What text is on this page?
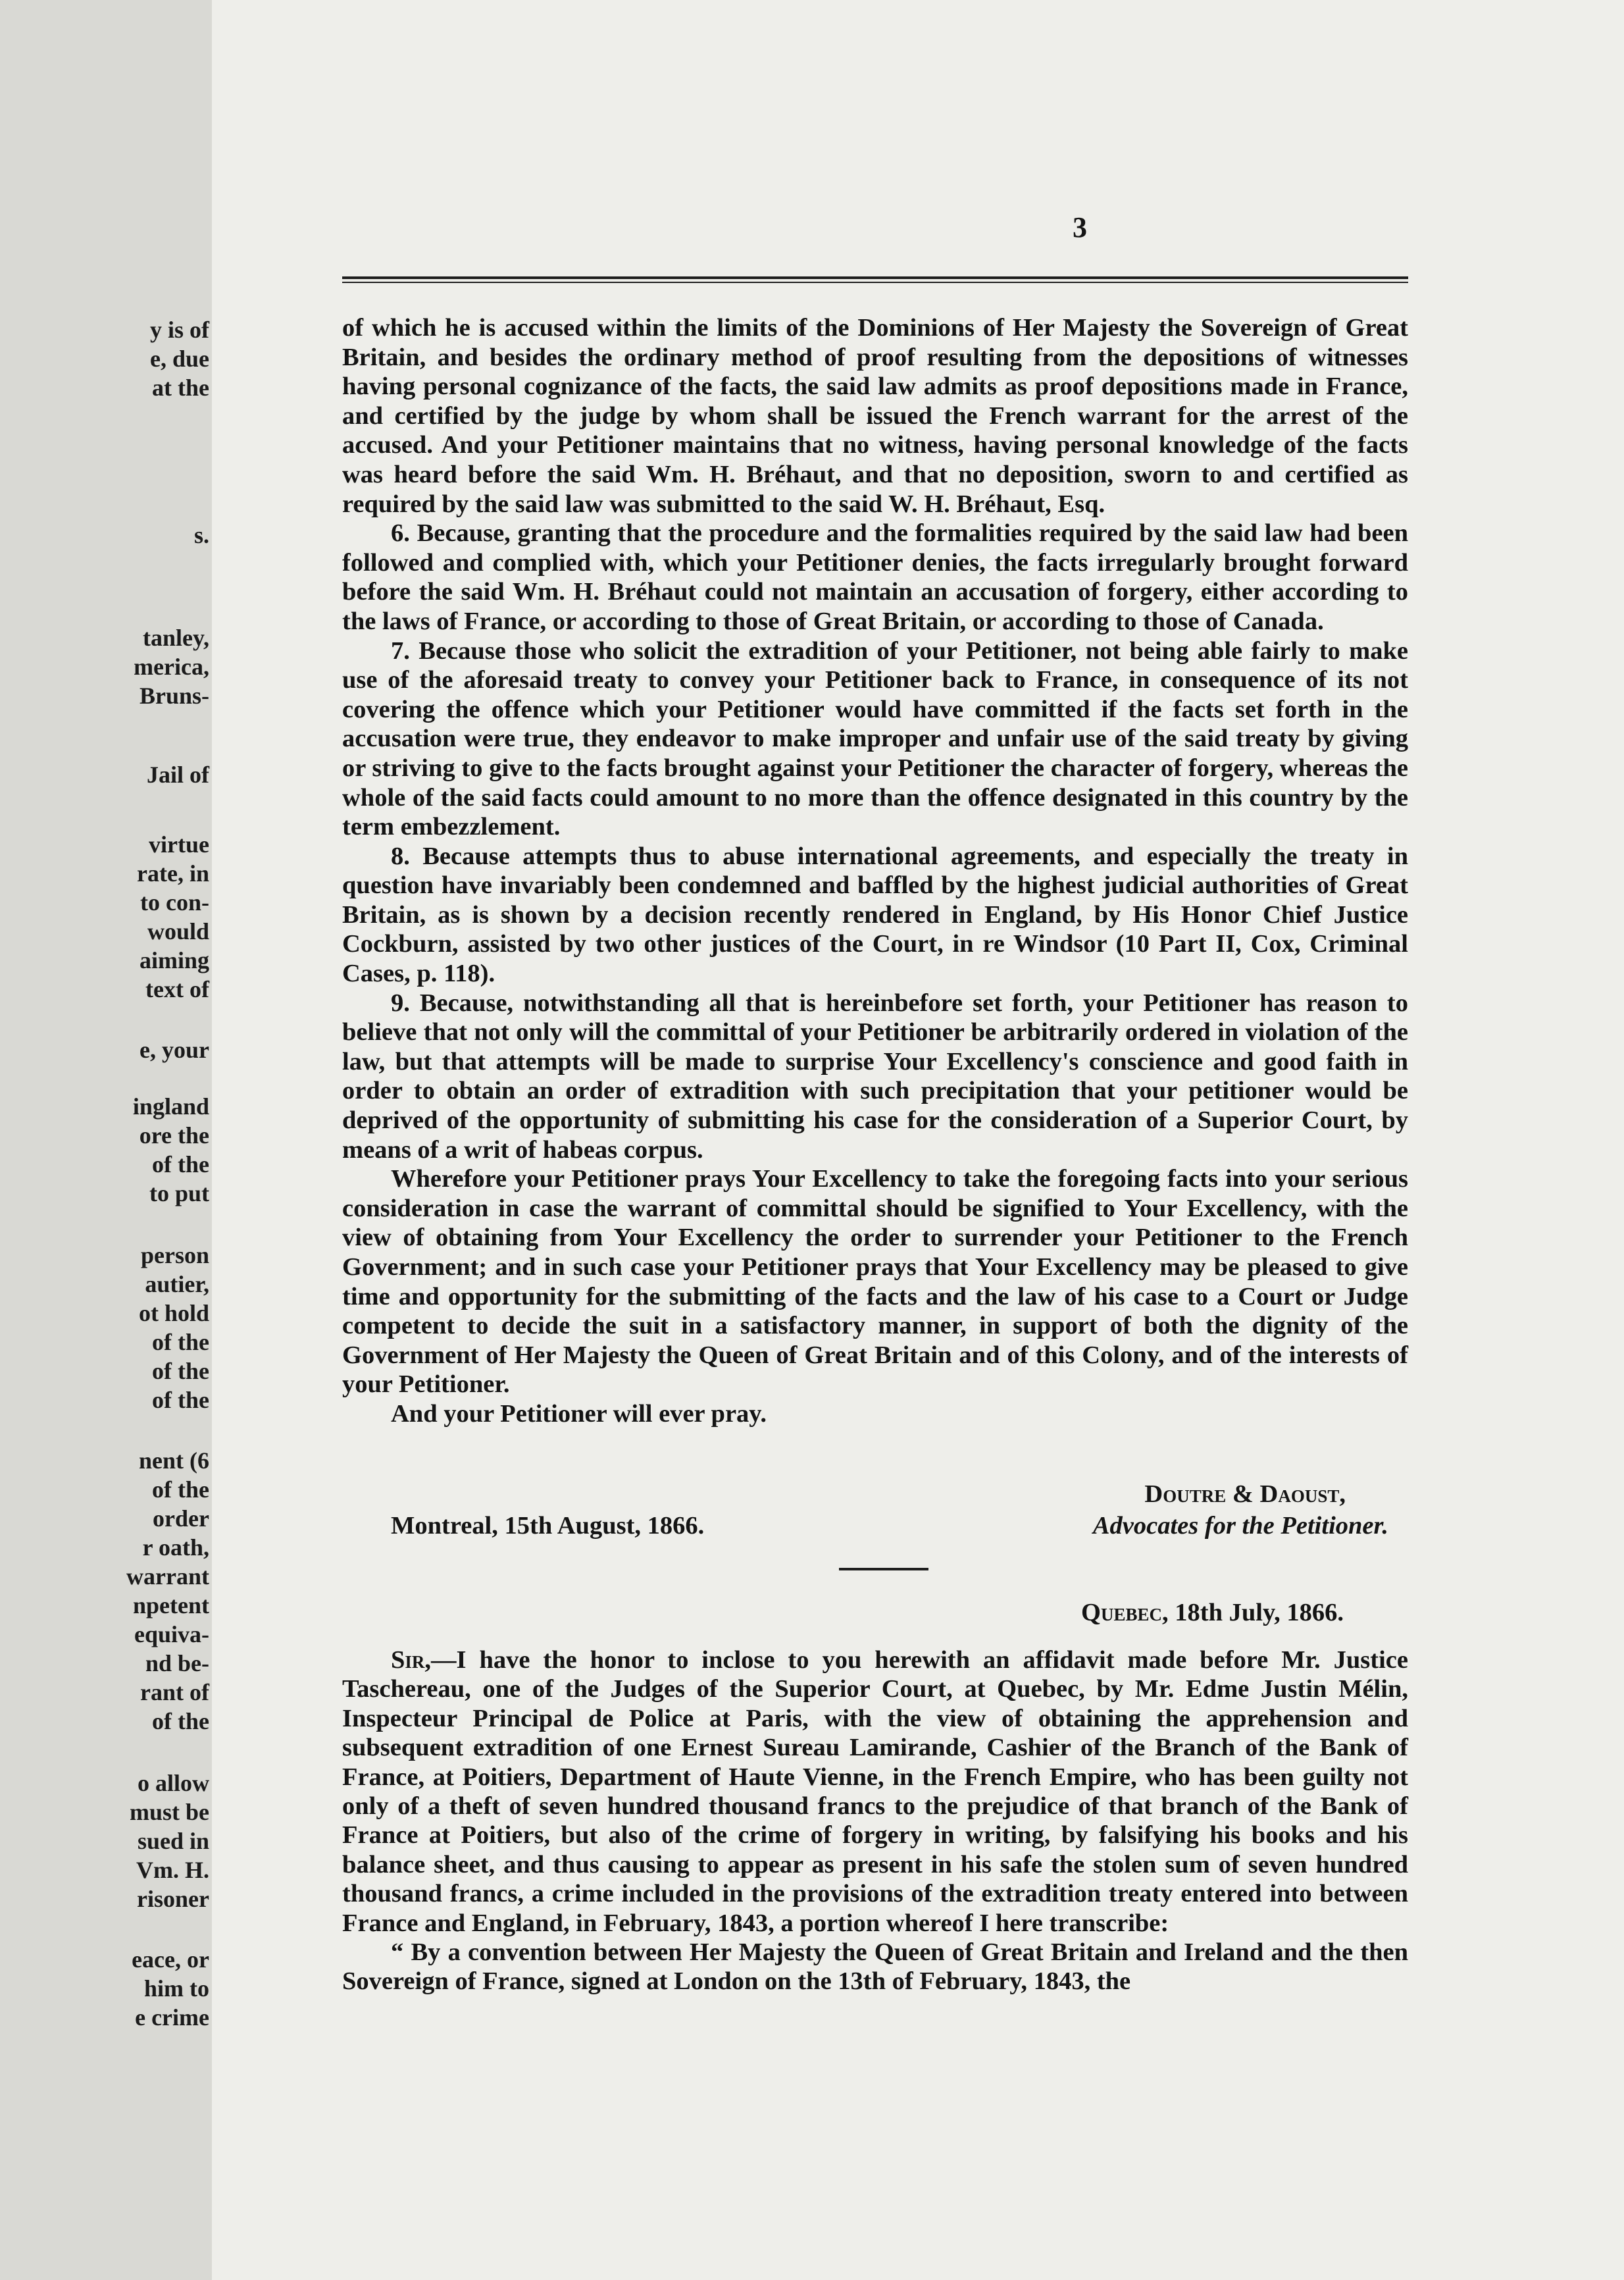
y is of
e, due
at the
s.
tanley,
merica,
Bruns-
Jail of
virtue
rate, in
to con-
would
aiming
text of
e, your
ingland
ore the
of the
to put
person
autier,
ot hold
of the
of the
of the
nent (6
of the
order
r oath,
warrant
npetent
equiva-
nd be-
rant of
of the
o allow
must be
sued in
Vm. H.
risoner
eace, or
him to
e crime
3

of which he is accused within the limits of the Dominions of Her Majesty the Sovereign of Great Britain, and besides the ordinary method of proof resulting from the depositions of witnesses having personal cognizance of the facts, the said law admits as proof depositions made in France, and certified by the judge by whom shall be issued the French warrant for the arrest of the accused. And your Petitioner maintains that no witness, having personal knowledge of the facts was heard before the said Wm. H. Bréhaut, and that no deposition, sworn to and certified as required by the said law was submitted to the said W. H. Bréhaut, Esq.

6. Because, granting that the procedure and the formalities required by the said law had been followed and complied with, which your Petitioner denies, the facts irregularly brought forward before the said Wm. H. Bréhaut could not maintain an accusation of forgery, either according to the laws of France, or according to those of Great Britain, or according to those of Canada.

7. Because those who solicit the extradition of your Petitioner, not being able fairly to make use of the aforesaid treaty to convey your Petitioner back to France, in consequence of its not covering the offence which your Petitioner would have committed if the facts set forth in the accusation were true, they endeavor to make improper and unfair use of the said treaty by giving or striving to give to the facts brought against your Petitioner the character of forgery, whereas the whole of the said facts could amount to no more than the offence designated in this country by the term embezzlement.

8. Because attempts thus to abuse international agreements, and especially the treaty in question have invariably been condemned and baffled by the highest judicial authorities of Great Britain, as is shown by a decision recently rendered in England, by His Honor Chief Justice Cockburn, assisted by two other justices of the Court, in re Windsor (10 Part II, Cox, Criminal Cases, p. 118).

9. Because, notwithstanding all that is hereinbefore set forth, your Petitioner has reason to believe that not only will the committal of your Petitioner be arbitrarily ordered in violation of the law, but that attempts will be made to surprise Your Excellency's conscience and good faith in order to obtain an order of extradition with such precipitation that your petitioner would be deprived of the opportunity of submitting his case for the consideration of a Superior Court, by means of a writ of habeas corpus.

Wherefore your Petitioner prays Your Excellency to take the foregoing facts into your serious consideration in case the warrant of committal should be signified to Your Excellency, with the view of obtaining from Your Excellency the order to surrender your Petitioner to the French Government; and in such case your Petitioner prays that Your Excellency may be pleased to give time and opportunity for the submitting of the facts and the law of his case to a Court or Judge competent to decide the suit in a satisfactory manner, in support of both the dignity of the Government of Her Majesty the Queen of Great Britain and of this Colony, and of the interests of your Petitioner.

And your Petitioner will ever pray.

Doutre & Daoust,
Montreal, 15th August, 1866.	Advocates for the Petitioner.
Quebec, 18th July, 1866.

Sir,—I have the honor to inclose to you herewith an affidavit made before Mr. Justice Taschereau, one of the Judges of the Superior Court, at Quebec, by Mr. Edme Justin Mélin, Inspecteur Principal de Police at Paris, with the view of obtaining the apprehension and subsequent extradition of one Ernest Sureau Lamirande, Cashier of the Branch of the Bank of France, at Poitiers, Department of Haute Vienne, in the French Empire, who has been guilty not only of a theft of seven hundred thousand francs to the prejudice of that branch of the Bank of France at Poitiers, but also of the crime of forgery in writing, by falsifying his books and his balance sheet, and thus causing to appear as present in his safe the stolen sum of seven hundred thousand francs, a crime included in the provisions of the extradition treaty entered into between France and England, in February, 1843, a portion whereof I here transcribe:

“ By a convention between Her Majesty the Queen of Great Britain and Ireland and the then Sovereign of France, signed at London on the 13th of February, 1843, the
